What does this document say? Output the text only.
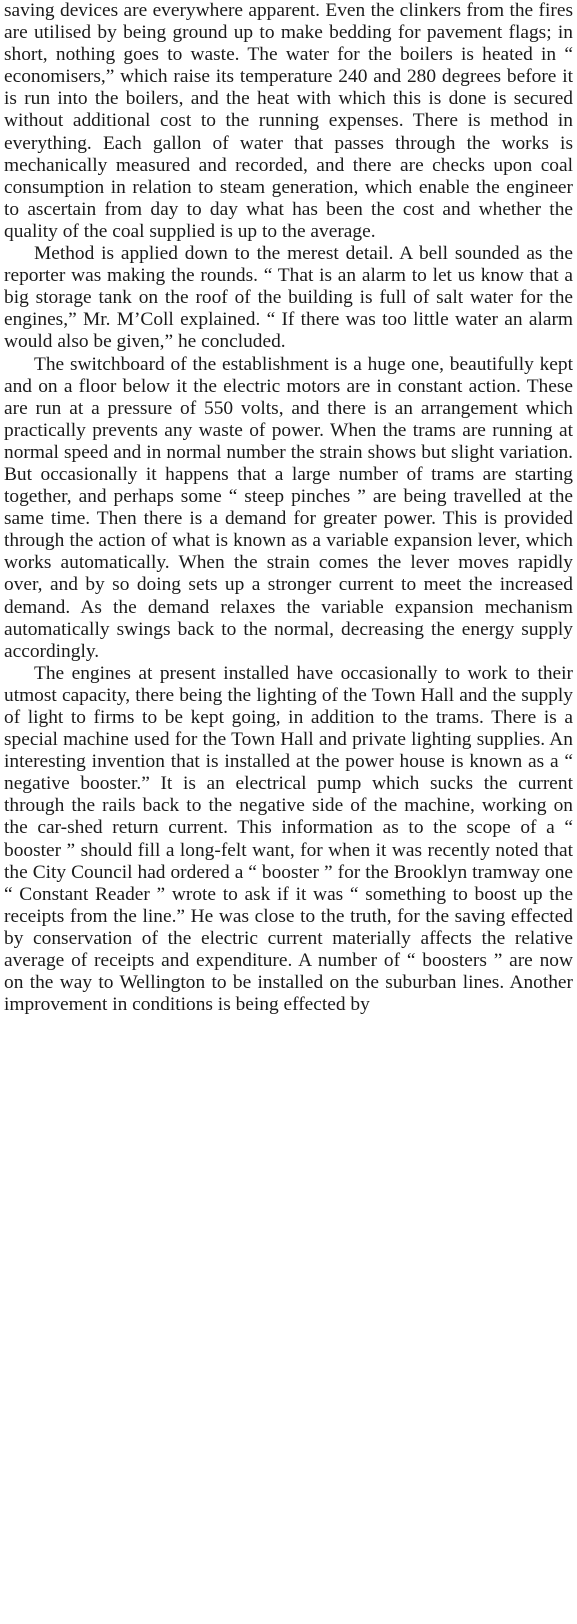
saving devices are everywhere apparent. Even the clinkers from the fires are utilised by being ground up to make bedding for pavement flags; in short, nothing goes to waste. The water for the boilers is heated in “ economisers,” which raise its temperature 240 and 280 degrees before it is run into the boilers, and the heat with which this is done is secured without additional cost to the running expenses. There is method in everything. Each gallon of water that passes through the works is mechanically measured and recorded, and there are checks upon coal consumption in relation to steam generation, which enable the engineer to ascertain from day to day what has been the cost and whether the quality of the coal supplied is up to the average.

Method is applied down to the merest detail. A bell sounded as the reporter was making the rounds. “ That is an alarm to let us know that a big storage tank on the roof of the building is full of salt water for the engines,” Mr. M’Coll explained. “ If there was too little water an alarm would also be given,” he concluded.

The switchboard of the establishment is a huge one, beautifully kept and on a floor below it the electric motors are in constant action. These are run at a pressure of 550 volts, and there is an arrangement which practically prevents any waste of power. When the trams are running at normal speed and in normal number the strain shows but slight variation. But occasionally it happens that a large number of trams are starting together, and perhaps some “ steep pinches ” are being travelled at the same time. Then there is a demand for greater power. This is provided through the action of what is known as a variable expansion lever, which works automatically. When the strain comes the lever moves rapidly over, and by so doing sets up a stronger current to meet the increased demand. As the demand relaxes the variable expansion mechanism automatically swings back to the normal, decreasing the energy supply accordingly.

The engines at present installed have occasionally to work to their utmost capacity, there being the lighting of the Town Hall and the supply of light to firms to be kept going, in addition to the trams. There is a special machine used for the Town Hall and private lighting supplies. An interesting invention that is installed at the power house is known as a “ negative booster.” It is an electrical pump which sucks the current through the rails back to the negative side of the machine, working on the car-shed return current. This information as to the scope of a “ booster ” should fill a long-felt want, for when it was recently noted that the City Council had ordered a “ booster ” for the Brooklyn tramway one “ Constant Reader ” wrote to ask if it was “ something to boost up the receipts from the line.” He was close to the truth, for the saving effected by conservation of the electric current materially affects the relative average of receipts and expenditure. A number of “ boosters ” are now on the way to Wellington to be installed on the suburban lines. Another improvement in conditions is being effected by
